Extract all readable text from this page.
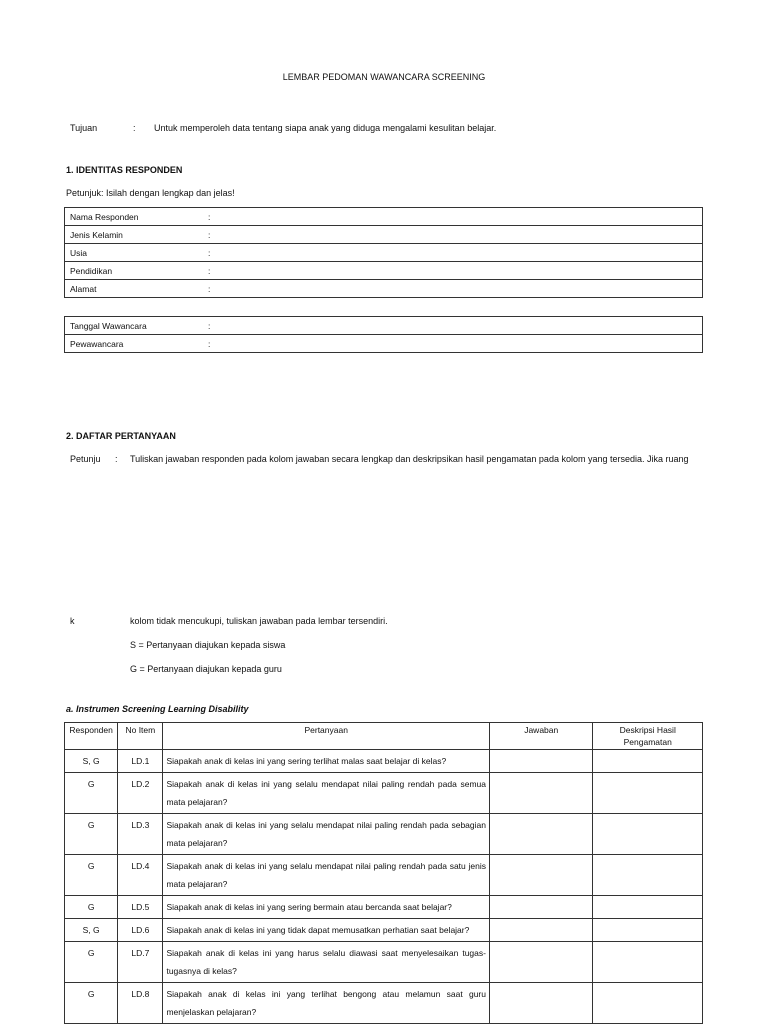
LEMBAR PEDOMAN WAWANCARA SCREENING
Tujuan	: Untuk memperoleh data tentang siapa anak yang diduga mengalami kesulitan belajar.
1. IDENTITAS RESPONDEN
Petunjuk: Isilah dengan lengkap dan jelas!
Nama Responden	:	
Jenis Kelamin	:	
Usia	:	
Pendidikan	:	
Alamat	:	
Tanggal Wawancara	:	
Pewawancara	:	
2. DAFTAR PERTANYAAN
Petunju : Tuliskan jawaban responden pada kolom jawaban secara lengkap dan deskripsikan hasil pengamatan pada kolom yang tersedia. Jika ruang
k	kolom tidak mencukupi, tuliskan jawaban pada lembar tersendiri.
S = Pertanyaan diajukan kepada siswa
G = Pertanyaan diajukan kepada guru
a. Instrumen Screening Learning Disability
Responden	No Item	Pertanyaan	Jawaban	Deskripsi Hasil Pengamatan
S, G	LD.1	Siapakah anak di kelas ini yang sering terlihat malas saat belajar di kelas?		
G	LD.2	Siapakah anak di kelas ini yang selalu mendapat nilai paling rendah pada semua mata pelajaran?		
G	LD.3	Siapakah anak di kelas ini yang selalu mendapat nilai paling rendah pada sebagian mata pelajaran?		
G	LD.4	Siapakah anak di kelas ini yang selalu mendapat nilai paling rendah pada satu jenis mata pelajaran?		
G	LD.5	Siapakah anak di kelas ini yang sering bermain atau bercanda saat belajar?		
S, G	LD.6	Siapakah anak di kelas ini yang tidak dapat memusatkan perhatian saat belajar?		
G	LD.7	Siapakah anak di kelas ini yang harus selalu diawasi saat menyelesaikan tugas-tugasnya di kelas?		
G	LD.8	Siapakah anak di kelas ini yang terlihat bengong atau melamun saat guru menjelaskan pelajaran?		
